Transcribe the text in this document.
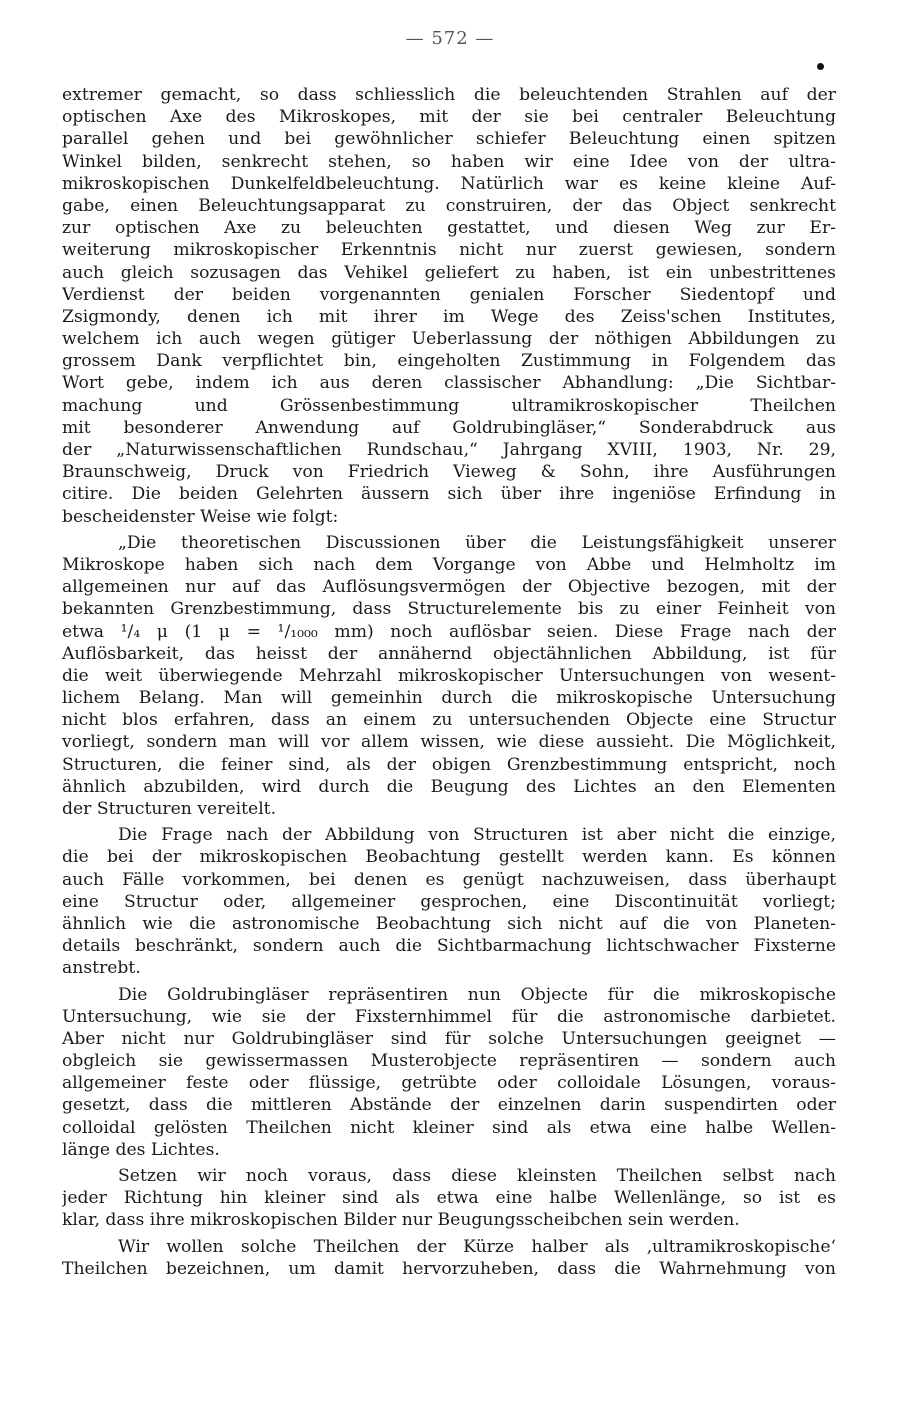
— 572 —
extremer gemacht, so dass schliesslich die beleuchtenden Strahlen auf der
optischen Axe des Mikroskopes, mit der sie bei centraler Beleuchtung
parallel gehen und bei gewöhnlicher schiefer Beleuchtung einen spitzen
Winkel bilden, senkrecht stehen, so haben wir eine Idee von der ultra-
mikroskopischen Dunkelfeldbeleuchtung. Natürlich war es keine kleine Auf-
gabe, einen Beleuchtungsapparat zu construiren, der das Object senkrecht
zur optischen Axe zu beleuchten gestattet, und diesen Weg zur Er-
weiterung mikroskopischer Erkenntnis nicht nur zuerst gewiesen, sondern
auch gleich sozusagen das Vehikel geliefert zu haben, ist ein unbestrittenes
Verdienst der beiden vorgenannten genialen Forscher Siedentopf und
Zsigmondy, denen ich mit ihrer im Wege des Zeiss'schen Institutes,
welchem ich auch wegen gütiger Ueberlassung der nöthigen Abbildungen zu
grossem Dank verpflichtet bin, eingeholten Zustimmung in Folgendem das
Wort gebe, indem ich aus deren classischer Abhandlung: „Die Sichtbar-
machung und Grössenbestimmung ultramikroskopischer Theilchen
mit besonderer Anwendung auf Goldrubingläser,“ Sonderabdruck aus
der „Naturwissenschaftlichen Rundschau,“ Jahrgang XVIII, 1903, Nr. 29,
Braunschweig, Druck von Friedrich Vieweg & Sohn, ihre Ausführungen
citire. Die beiden Gelehrten äussern sich über ihre ingeniöse Erfindung in
bescheidenster Weise wie folgt:
„Die theoretischen Discussionen über die Leistungsfähigkeit unserer
Mikroskope haben sich nach dem Vorgange von Abbe und Helmholtz im
allgemeinen nur auf das Auflösungsvermögen der Objective bezogen, mit der
bekannten Grenzbestimmung, dass Structurelemente bis zu einer Feinheit von
etwa ¹/₄ μ (1 μ = ¹/₁₀₀₀ mm) noch auflösbar seien. Diese Frage nach der
Auflösbarkeit, das heisst der annähernd objectähnlichen Abbildung, ist für
die weit überwiegende Mehrzahl mikroskopischer Untersuchungen von wesent-
lichem Belang. Man will gemeinhin durch die mikroskopische Untersuchung
nicht blos erfahren, dass an einem zu untersuchenden Objecte eine Structur
vorliegt, sondern man will vor allem wissen, wie diese aussieht. Die Möglichkeit,
Structuren, die feiner sind, als der obigen Grenzbestimmung entspricht, noch
ähnlich abzubilden, wird durch die Beugung des Lichtes an den Elementen
der Structuren vereitelt.
Die Frage nach der Abbildung von Structuren ist aber nicht die einzige,
die bei der mikroskopischen Beobachtung gestellt werden kann. Es können
auch Fälle vorkommen, bei denen es genügt nachzuweisen, dass überhaupt
eine Structur oder, allgemeiner gesprochen, eine Discontinuität vorliegt;
ähnlich wie die astronomische Beobachtung sich nicht auf die von Planeten-
details beschränkt, sondern auch die Sichtbarmachung lichtschwacher Fixsterne
anstrebt.
Die Goldrubingläser repräsentiren nun Objecte für die mikroskopische
Untersuchung, wie sie der Fixsternhimmel für die astronomische darbietet.
Aber nicht nur Goldrubingläser sind für solche Untersuchungen geeignet —
obgleich sie gewissermassen Musterobjecte repräsentiren — sondern auch
allgemeiner feste oder flüssige, getrübte oder colloidale Lösungen, voraus-
gesetzt, dass die mittleren Abstände der einzelnen darin suspendirten oder
colloidal gelösten Theilchen nicht kleiner sind als etwa eine halbe Wellen-
länge des Lichtes.
Setzen wir noch voraus, dass diese kleinsten Theilchen selbst nach
jeder Richtung hin kleiner sind als etwa eine halbe Wellenlänge, so ist es
klar, dass ihre mikroskopischen Bilder nur Beugungsscheibchen sein werden.
Wir wollen solche Theilchen der Kürze halber als ‚ultramikroskopische‘
Theilchen bezeichnen, um damit hervorzuheben, dass die Wahrnehmung von
